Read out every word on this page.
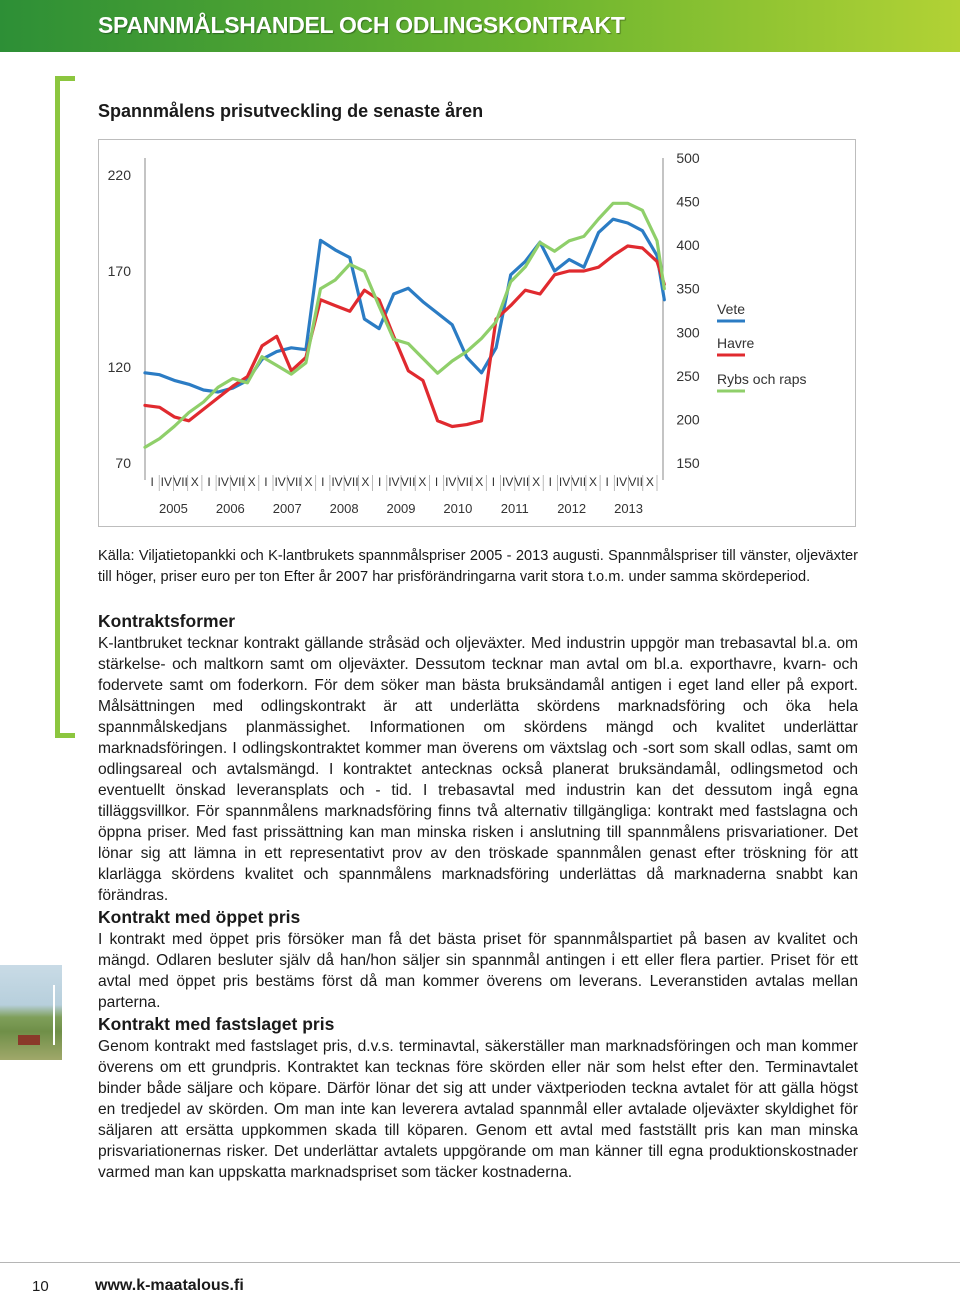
SPANNMÅLSHANDEL OCH ODLINGSKONTRAKT
Spannmålens prisutveckling de senaste åren
70
120
170
220
150
200
250
300
350
400
450
500
I IV VII X I IV VII X I IV VII X I IV VII X I IV VII X I IV VII X I IV VII X I IV VII X I IV VII X
2005 2006 2007 2008 2009 2010 2011 2012 2013
Vete
Havre
Rybs och raps
Källa: Viljatietopankki och K-lantbrukets spannmålspriser 2005 - 2013 augusti. Spannmålspriser till vänster, oljeväxter till höger, priser euro per ton Efter år 2007 har prisförändringarna varit stora t.o.m. under samma skördeperiod.
Kontraktsformer
K-lantbruket tecknar kontrakt gällande stråsäd och oljeväxter. Med industrin uppgör man trebasavtal bl.a. om stärkelse- och maltkorn samt om oljeväxter. Dessutom tecknar man avtal om bl.a. exporthavre, kvarn- och fodervete samt om foderkorn. För dem söker man bästa bruksändamål antigen i eget land eller på export. Målsättningen med odlingskontrakt är att underlätta skördens marknadsföring och öka hela spannmålskedjans planmässighet. Informationen om skördens mängd och kvalitet underlättar marknadsföringen. I odlingskontraktet kommer man överens om växtslag och -sort som skall odlas, samt om odlingsareal och avtalsmängd. I kontraktet antecknas också planerat bruksändamål, odlingsmetod och eventuellt önskad leveransplats och - tid. I trebasavtal med industrin kan det dessutom ingå egna tilläggsvillkor. För spannmålens marknadsföring finns två alternativ tillgängliga: kontrakt med fastslagna och öppna priser. Med fast prissättning kan man minska risken i anslutning till spannmålens prisvariationer. Det lönar sig att lämna in ett representativt prov av den tröskade spannmålen genast efter tröskning för att klarlägga skördens kvalitet och spannmålens marknadsföring underlättas då marknaderna snabbt kan förändras.
Kontrakt med öppet pris
I kontrakt med öppet pris försöker man få det bästa priset för spannmålspartiet på basen av kvalitet och mängd. Odlaren besluter själv då han/hon säljer sin spannmål antingen i ett eller flera partier. Priset för ett avtal med öppet pris bestäms först då man kommer överens om leverans. Leveranstiden avtalas mellan parterna.
Kontrakt med fastslaget pris
Genom kontrakt med fastslaget pris, d.v.s. terminavtal, säkerställer man marknadsföringen och man kommer överens om ett grundpris. Kontraktet kan tecknas före skörden eller när som helst efter den. Terminavtalet binder både säljare och köpare. Därför lönar det sig att under växtperioden teckna avtalet för att gälla högst en tredjedel av skörden. Om man inte kan leverera avtalad spannmål eller avtalade oljeväxter skyldighet för säljaren att ersätta uppkommen skada till köparen. Genom ett avtal med fastställt pris kan man minska prisvariationernas risker. Det underlättar avtalets uppgörande om man känner till egna produktionskostnader varmed man kan uppskatta marknadspriset som täcker kostnaderna.
10	www.k-maatalous.fi
